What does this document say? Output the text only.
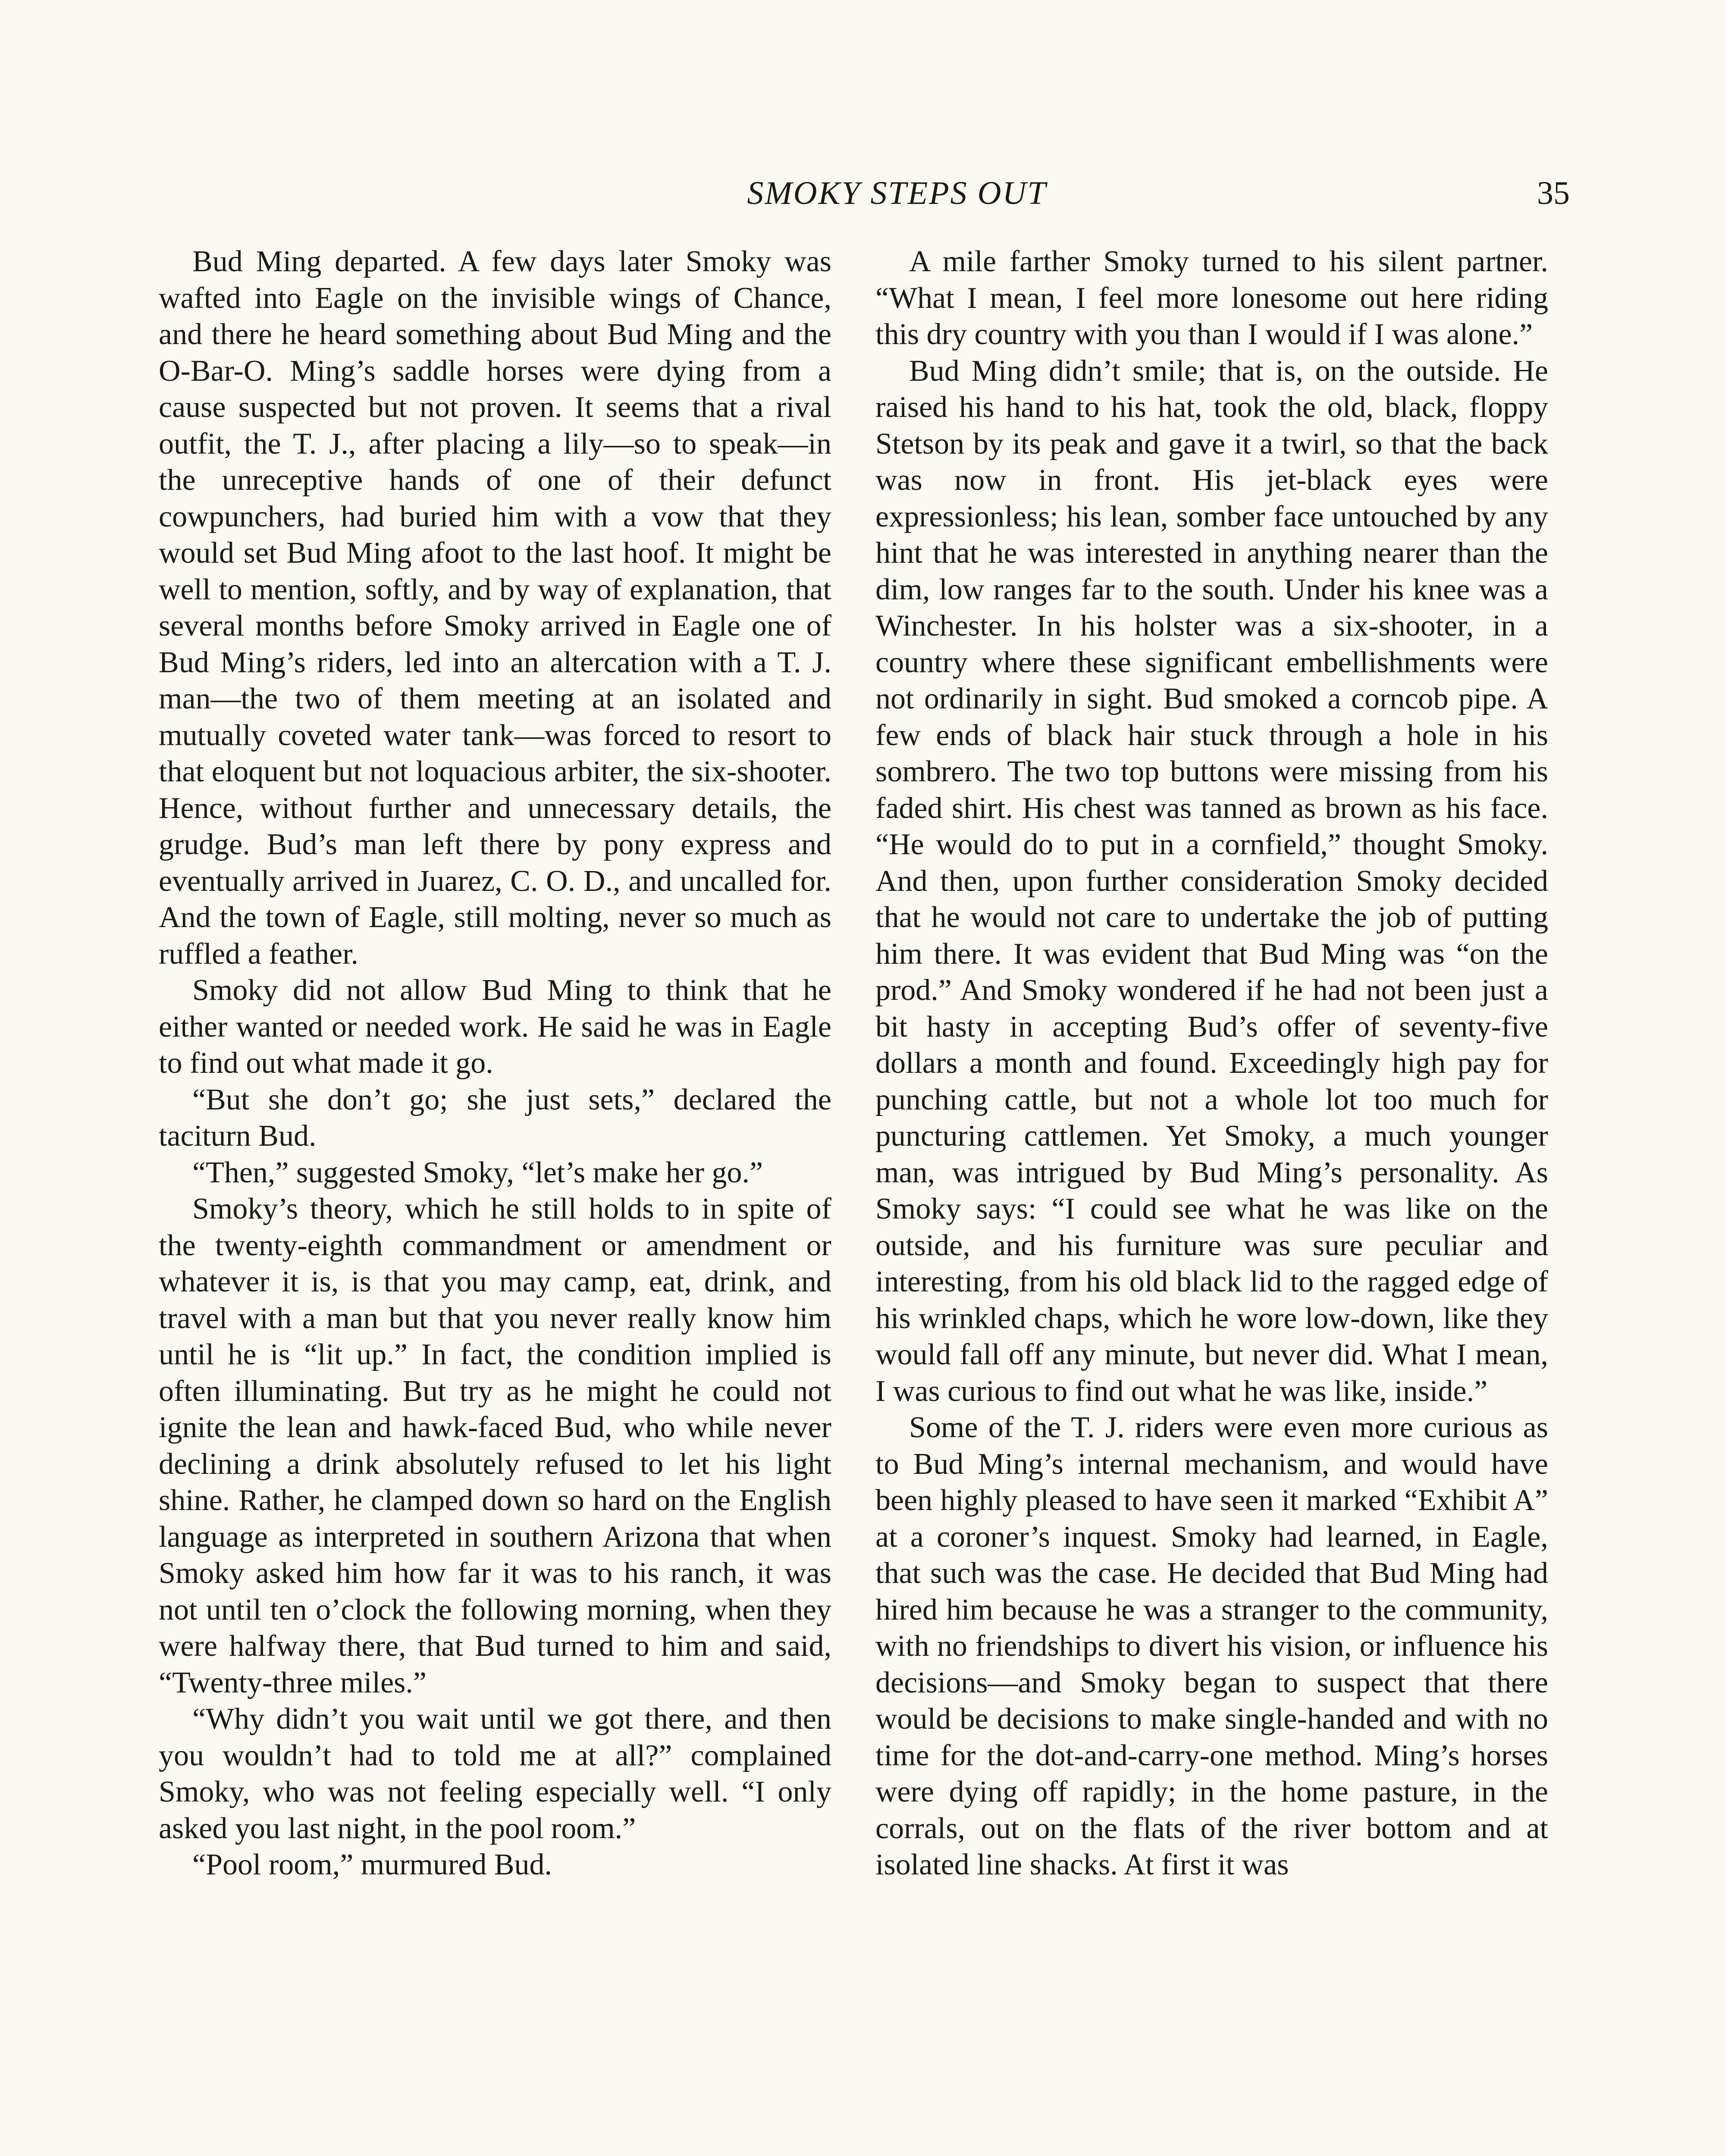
SMOKY STEPS OUT	35

Bud Ming departed. A few days later Smoky was wafted into Eagle on the invisible wings of Chance, and there he heard something about Bud Ming and the O-Bar-O. Ming’s saddle horses were dying from a cause suspected but not proven. It seems that a rival outfit, the T. J., after placing a lily—so to speak—in the unreceptive hands of one of their defunct cowpunchers, had buried him with a vow that they would set Bud Ming afoot to the last hoof. It might be well to mention, softly, and by way of explanation, that several months before Smoky arrived in Eagle one of Bud Ming’s riders, led into an altercation with a T. J. man—the two of them meeting at an isolated and mutually coveted water tank—was forced to resort to that eloquent but not loquacious arbiter, the six-shooter. Hence, without further and unnecessary details, the grudge. Bud’s man left there by pony express and eventually arrived in Juarez, C. O. D., and uncalled for. And the town of Eagle, still molting, never so much as ruffled a feather.

Smoky did not allow Bud Ming to think that he either wanted or needed work. He said he was in Eagle to find out what made it go.

“But she don’t go; she just sets,” declared the taciturn Bud.

“Then,” suggested Smoky, “let’s make her go.”

Smoky’s theory, which he still holds to in spite of the twenty-eighth commandment or amendment or whatever it is, is that you may camp, eat, drink, and travel with a man but that you never really know him until he is “lit up.” In fact, the condition implied is often illuminating. But try as he might he could not ignite the lean and hawk-faced Bud, who while never declining a drink absolutely refused to let his light shine. Rather, he clamped down so hard on the English language as interpreted in southern Arizona that when Smoky asked him how far it was to his ranch, it was not until ten o’clock the following morning, when they were halfway there, that Bud turned to him and said, “Twenty-three miles.”

“Why didn’t you wait until we got there, and then you wouldn’t had to told me at all?” complained Smoky, who was not feeling especially well. “I only asked you last night, in the pool room.”

“Pool room,” murmured Bud.

A mile farther Smoky turned to his silent partner. “What I mean, I feel more lonesome out here riding this dry country with you than I would if I was alone.”

Bud Ming didn’t smile; that is, on the outside. He raised his hand to his hat, took the old, black, floppy Stetson by its peak and gave it a twirl, so that the back was now in front. His jet-black eyes were expressionless; his lean, somber face untouched by any hint that he was interested in anything nearer than the dim, low ranges far to the south. Under his knee was a Winchester. In his holster was a six-shooter, in a country where these significant embellishments were not ordinarily in sight. Bud smoked a corncob pipe. A few ends of black hair stuck through a hole in his sombrero. The two top buttons were missing from his faded shirt. His chest was tanned as brown as his face. “He would do to put in a cornfield,” thought Smoky. And then, upon further consideration Smoky decided that he would not care to undertake the job of putting him there. It was evident that Bud Ming was “on the prod.” And Smoky wondered if he had not been just a bit hasty in accepting Bud’s offer of seventy-five dollars a month and found. Exceedingly high pay for punching cattle, but not a whole lot too much for puncturing cattlemen. Yet Smoky, a much younger man, was intrigued by Bud Ming’s personality. As Smoky says: “I could see what he was like on the outside, and his furniture was sure peculiar and interesting, from his old black lid to the ragged edge of his wrinkled chaps, which he wore low-down, like they would fall off any minute, but never did. What I mean, I was curious to find out what he was like, inside.”

Some of the T. J. riders were even more curious as to Bud Ming’s internal mechanism, and would have been highly pleased to have seen it marked “Exhibit A” at a coroner’s inquest. Smoky had learned, in Eagle, that such was the case. He decided that Bud Ming had hired him because he was a stranger to the community, with no friendships to divert his vision, or influence his decisions—and Smoky began to suspect that there would be decisions to make single-handed and with no time for the dot-and-carry-one method. Ming’s horses were dying off rapidly; in the home pasture, in the corrals, out on the flats of the river bottom and at isolated line shacks. At first it was
